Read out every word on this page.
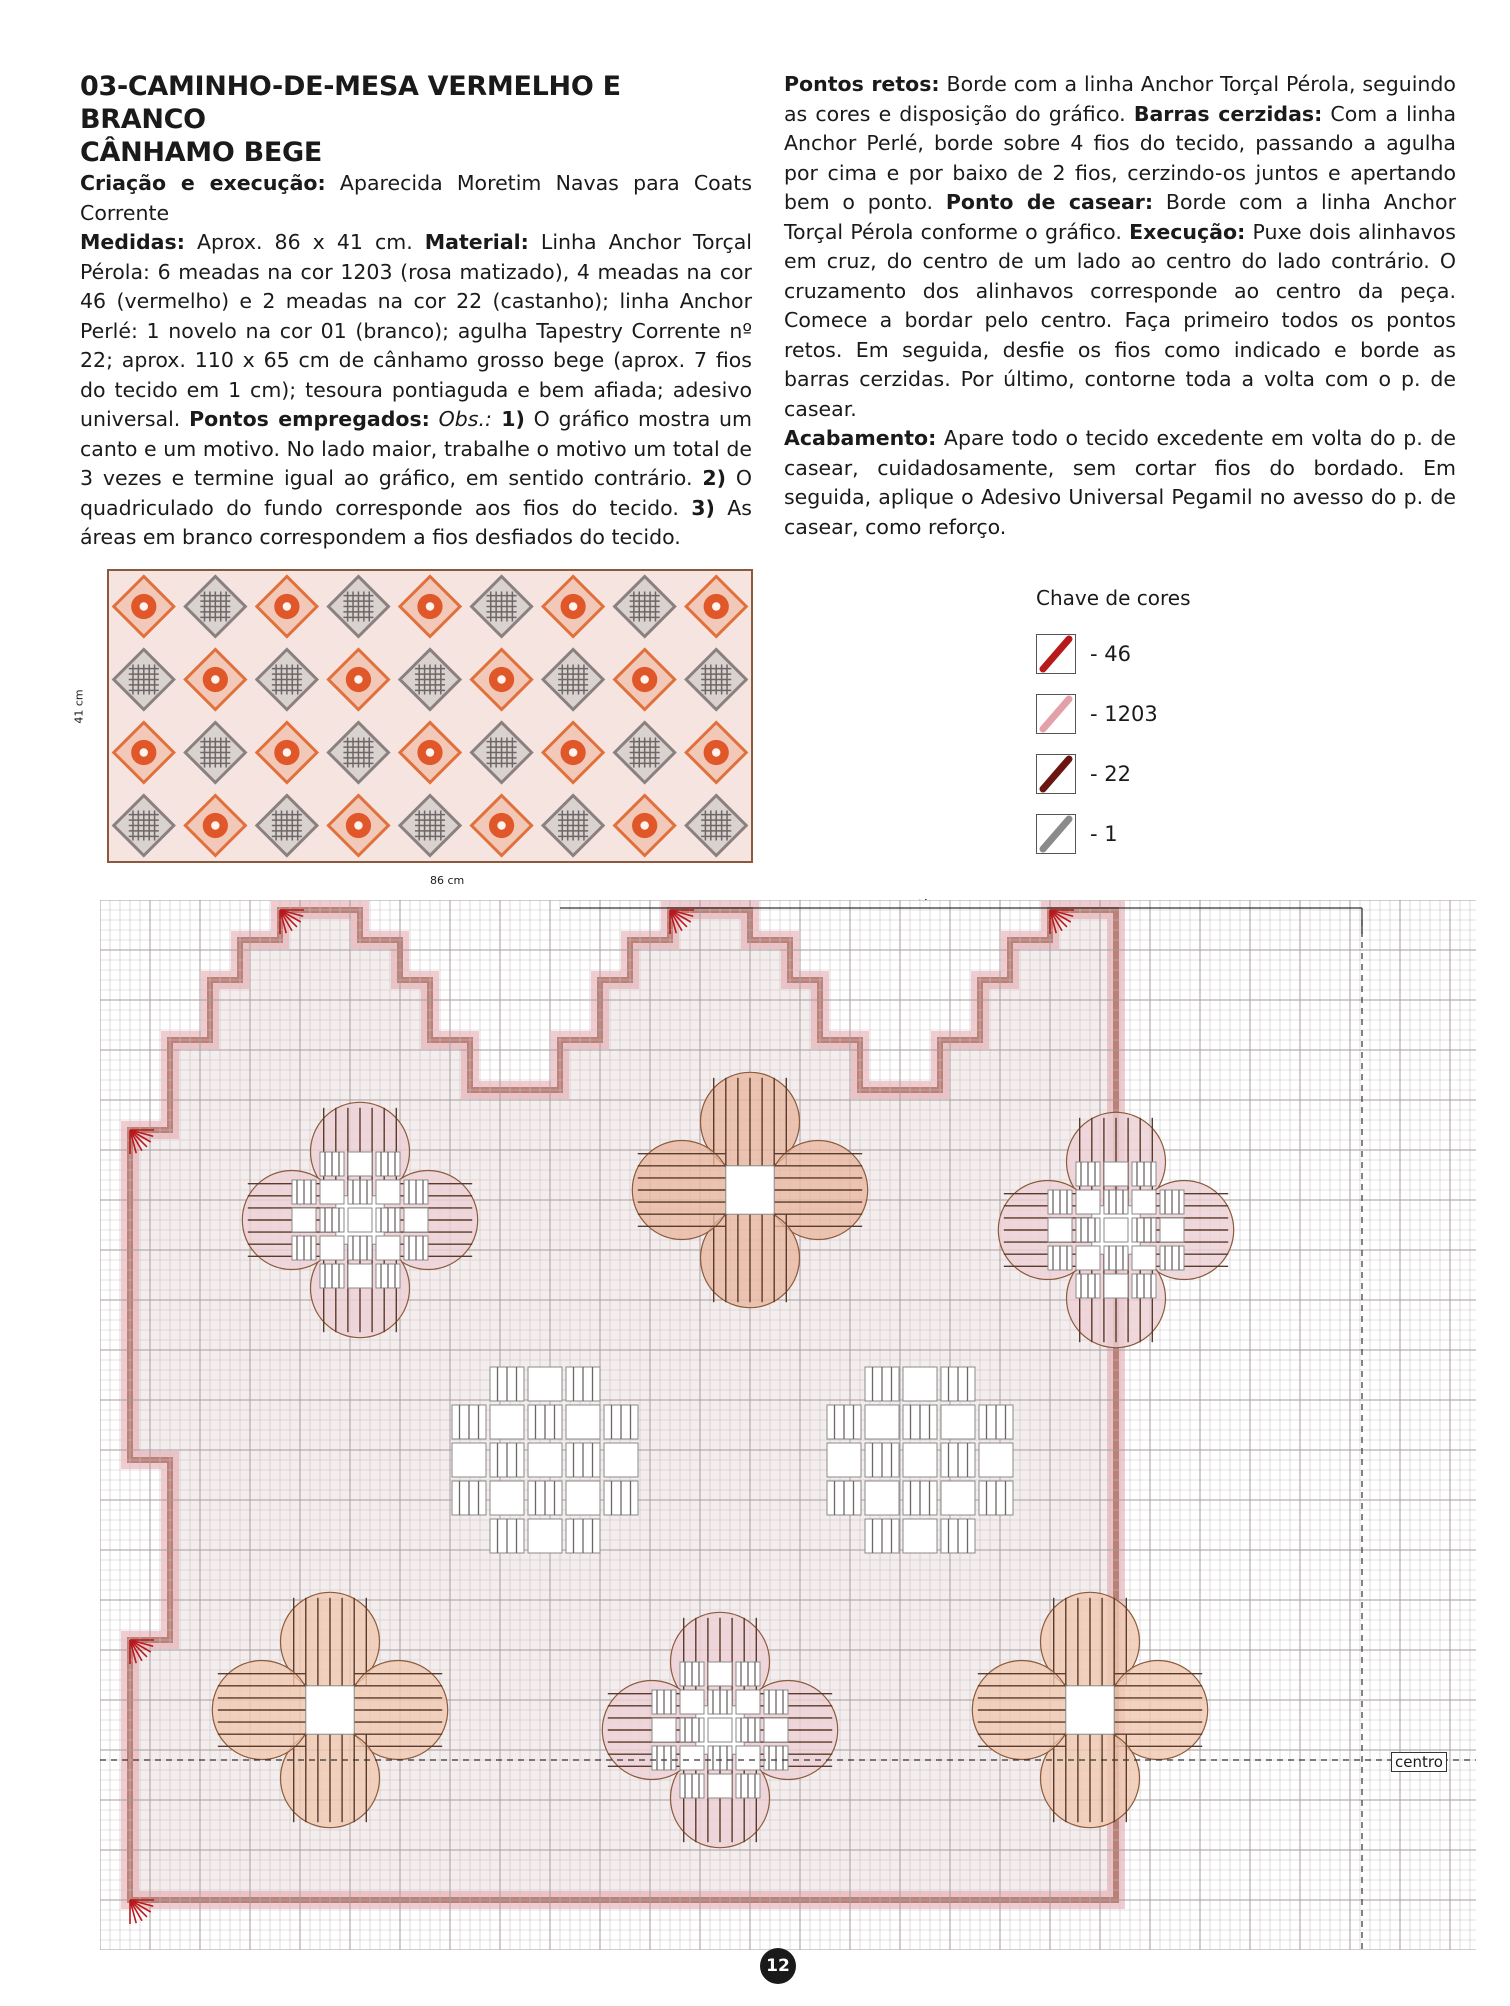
03-CAMINHO-DE-MESA VERMELHO E BRANCO
CÂNHAMO BEGE

Criação e execução: Aparecida Moretim Navas para Coats Corrente

Medidas: Aprox. 86 x 41 cm. Material: Linha Anchor Torçal Pérola: 6 meadas na cor 1203 (rosa matizado), 4 meadas na cor 46 (vermelho) e 2 meadas na cor 22 (castanho); linha Anchor Perlé: 1 novelo na cor 01 (branco); agulha Tapestry Corrente nº 22; aprox. 110 x 65 cm de cânhamo grosso bege (aprox. 7 fios do tecido em 1 cm); tesoura pontiaguda e bem afiada; adesivo universal. Pontos empregados: Obs.: 1) O gráfico mostra um canto e um motivo. No lado maior, trabalhe o motivo um total de 3 vezes e termine igual ao gráfico, em sentido contrário. 2) O quadriculado do fundo corresponde aos fios do tecido. 3) As áreas em branco correspondem a fios desfiados do tecido.

Pontos retos: Borde com a linha Anchor Torçal Pérola, seguindo as cores e disposição do gráfico. Barras cerzidas: Com a linha Anchor Perlé, borde sobre 4 fios do tecido, passando a agulha por cima e por baixo de 2 fios, cerzindo-os juntos e apertando bem o ponto. Ponto de casear: Borde com a linha Anchor Torçal Pérola conforme o gráfico. Execução: Puxe dois alinhavos em cruz, do centro de um lado ao centro do lado contrário. O cruzamento dos alinhavos corresponde ao centro da peça. Comece a bordar pelo centro. Faça primeiro todos os pontos retos. Em seguida, desfie os fios como indicado e borde as barras cerzidas. Por último, contorne toda a volta com o p. de casear.

Acabamento: Apare todo o tecido excedente em volta do p. de casear, cuidadosamente, sem cortar fios do bordado. Em seguida, aplique o Adesivo Universal Pegamil no avesso do p. de casear, como reforço.

41 cm
86 cm
Chave de cores
- 46
- 1203
- 22
- 1
centro
12
